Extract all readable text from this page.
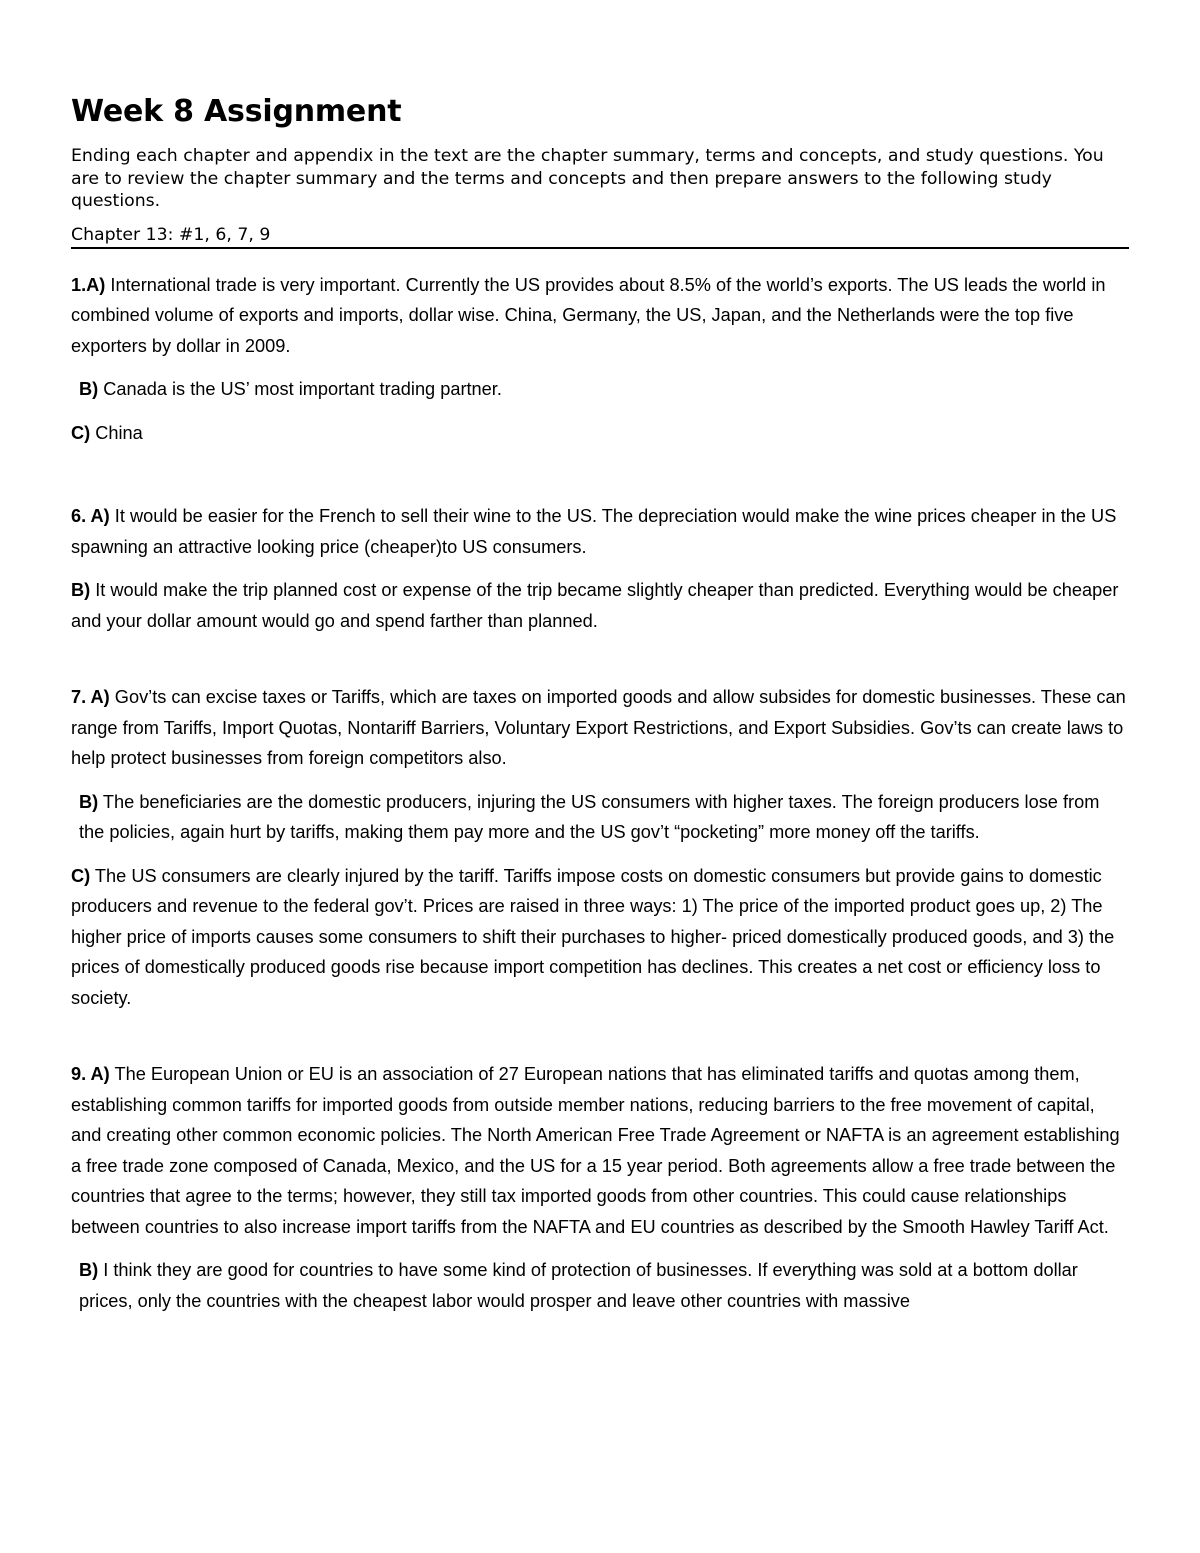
Week 8 Assignment

Ending each chapter and appendix in the text are the chapter summary, terms and concepts, and study questions. You are to review the chapter summary and the terms and concepts and then prepare answers to the following study questions.

Chapter 13: #1, 6, 7, 9

1.A) International trade is very important. Currently the US provides about 8.5% of the world’s exports. The US leads the world in combined volume of exports and imports, dollar wise. China, Germany, the US, Japan, and the Netherlands were the top five exporters by dollar in 2009.

B) Canada is the US’ most important trading partner.

C) China

6. A) It would be easier for the French to sell their wine to the US. The depreciation would make the wine prices cheaper in the US spawning an attractive looking price (cheaper)to US consumers.

B) It would make the trip planned cost or expense of the trip became slightly cheaper than predicted. Everything would be cheaper and your dollar amount would go and spend farther than planned.

7. A) Gov’ts can excise taxes or Tariffs, which are taxes on imported goods and allow subsides for domestic businesses. These can range from Tariffs, Import Quotas, Nontariff Barriers, Voluntary Export Restrictions, and Export Subsidies. Gov’ts can create laws to help protect businesses from foreign competitors also.

B) The beneficiaries are the domestic producers, injuring the US consumers with higher taxes. The foreign producers lose from the policies, again hurt by tariffs, making them pay more and the US gov’t “pocketing” more money off the tariffs.

C) The US consumers are clearly injured by the tariff. Tariffs impose costs on domestic consumers but provide gains to domestic producers and revenue to the federal gov’t. Prices are raised in three ways: 1) The price of the imported product goes up, 2) The higher price of imports causes some consumers to shift their purchases to higher- priced domestically produced goods, and 3) the prices of domestically produced goods rise because import competition has declines. This creates a net cost or efficiency loss to society.

9. A) The European Union or EU is an association of 27 European nations that has eliminated tariffs and quotas among them, establishing common tariffs for imported goods from outside member nations, reducing barriers to the free movement of capital, and creating other common economic policies. The North American Free Trade Agreement or NAFTA is an agreement establishing a free trade zone composed of Canada, Mexico, and the US for a 15 year period. Both agreements allow a free trade between the countries that agree to the terms; however, they still tax imported goods from other countries. This could cause relationships between countries to also increase import tariffs from the NAFTA and EU countries as described by the Smooth Hawley Tariff Act.

B) I think they are good for countries to have some kind of protection of businesses. If everything was sold at a bottom dollar prices, only the countries with the cheapest labor would prosper and leave other countries with massive
